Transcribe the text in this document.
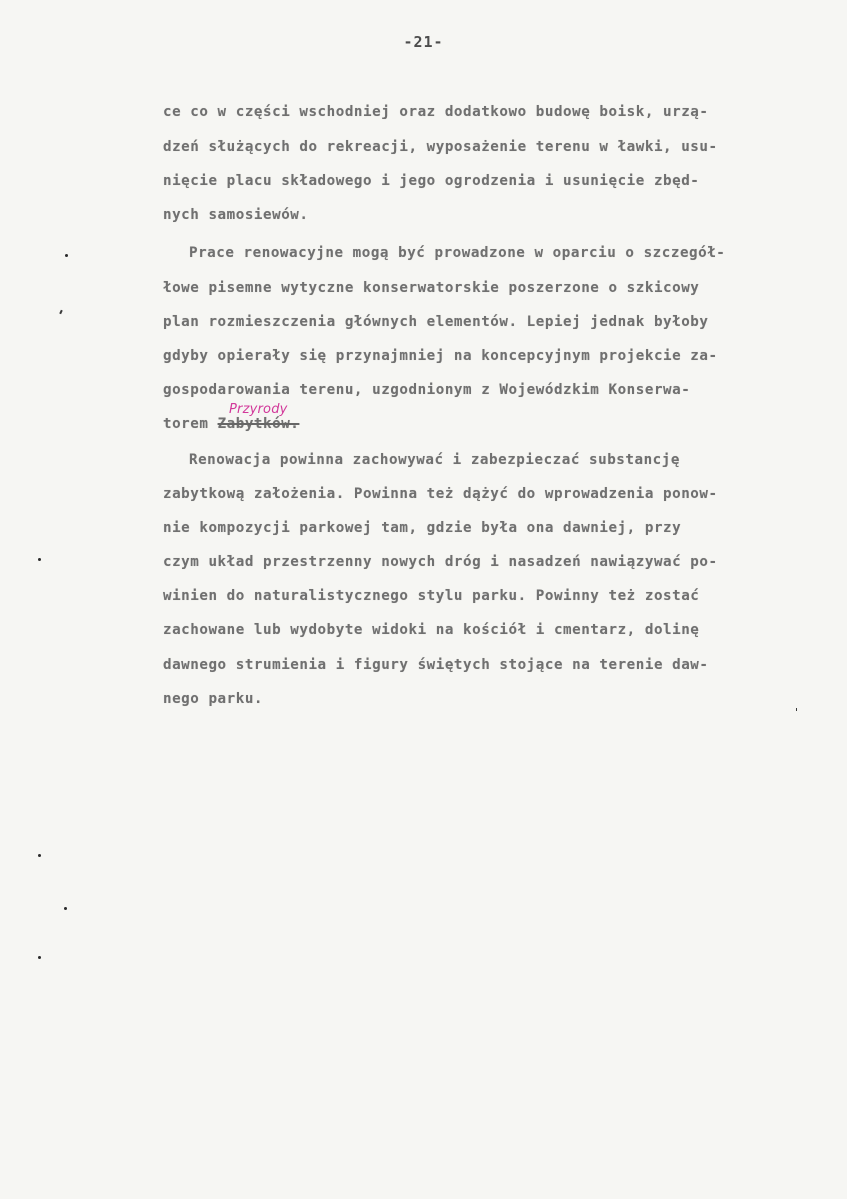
-21-
ce co w części wschodniej oraz dodatkowo budowę boisk, urzą-
dzeń służących do rekreacji, wyposażenie terenu w ławki, usu-
nięcie placu składowego i jego ogrodzenia i usunięcie zbęd-
nych samosiewów.
Prace renowacyjne mogą być prowadzone w oparciu o szczegół-
łowe pisemne wytyczne konserwatorskie poszerzone o szkicowy
plan rozmieszczenia głównych elementów. Lepiej jednak byłoby
gdyby opierały się przynajmniej na koncepcyjnym projekcie za-
gospodarowania terenu, uzgodnionym z Wojewódzkim Konserwa-
torem Zabytków.
Przyrody
Renowacja powinna zachowywać i zabezpieczać substancję
zabytkową założenia. Powinna też dążyć do wprowadzenia ponow-
nie kompozycji parkowej tam, gdzie była ona dawniej, przy
czym układ przestrzenny nowych dróg i nasadzeń nawiązywać po-
winien do naturalistycznego stylu parku. Powinny też zostać
zachowane lub wydobyte widoki na kościół i cmentarz, dolinę
dawnego strumienia i figury świętych stojące na terenie daw-
nego parku.
